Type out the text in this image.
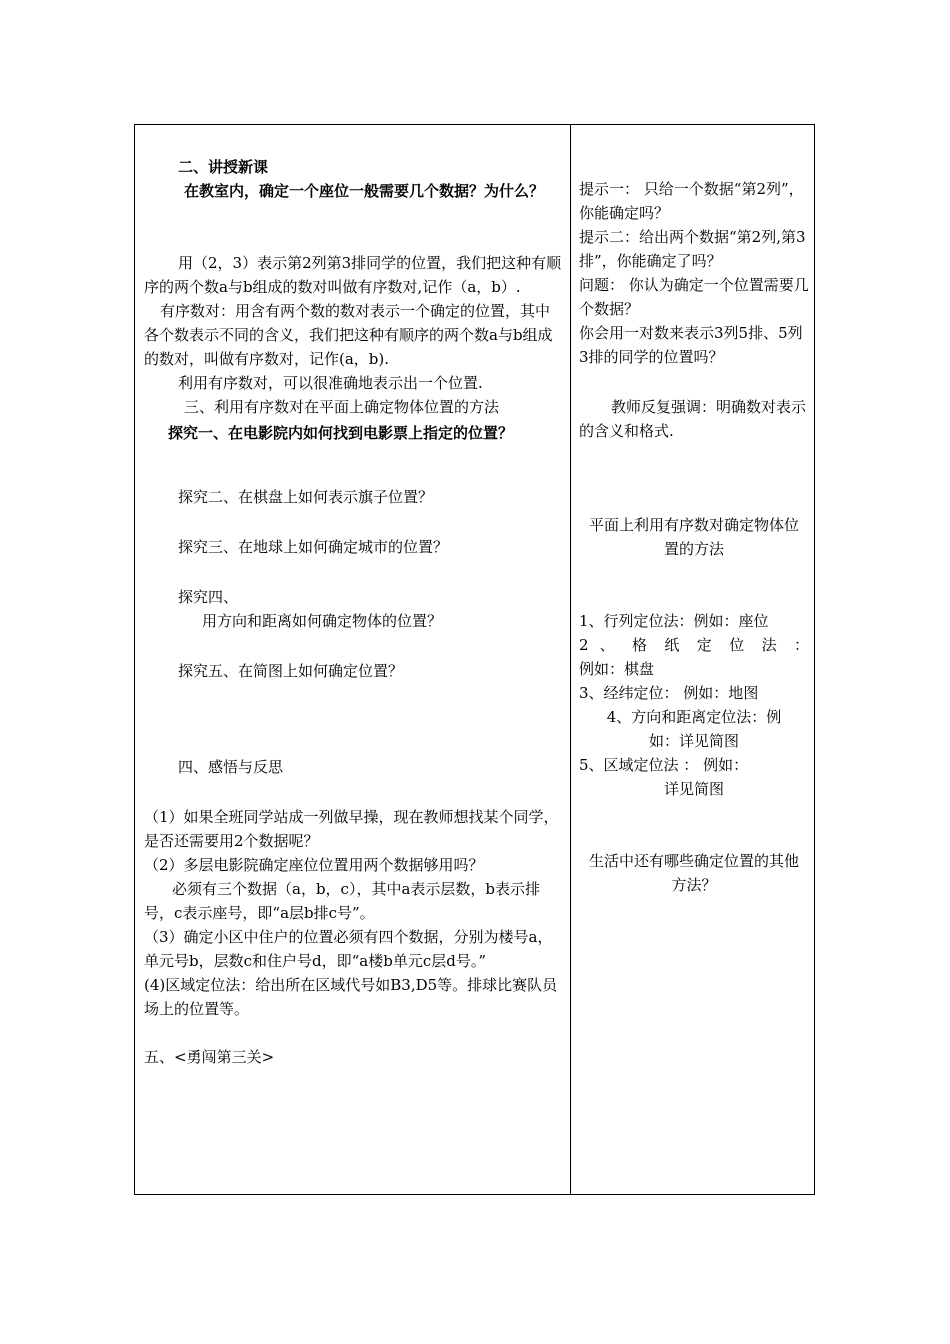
二、讲授新课

在教室内，确定一个座位一般需要几个数据？为什么？

用（2，3）表示第2列第3排同学的位置，我们把这种有顺序的两个数a与b组成的数对叫做有序数对,记作（a，b）.

有序数对：用含有两个数的数对表示一个确定的位置，其中各个数表示不同的含义，我们把这种有顺序的两个数a与b组成的数对，叫做有序数对，记作(a，b).

利用有序数对，可以很准确地表示出一个位置.

三、利用有序数对在平面上确定物体位置的方法

探究一、在电影院内如何找到电影票上指定的位置？

探究二、在棋盘上如何表示旗子位置？

探究三、在地球上如何确定城市的位置？

探究四、

用方向和距离如何确定物体的位置？

探究五、在简图上如何确定位置？

四、感悟与反思

（1）如果全班同学站成一列做早操，现在教师想找某个同学，是否还需要用2个数据呢？

（2）多层电影院确定座位位置用两个数据够用吗？

必须有三个数据（a，b，c），其中a表示层数，b表示排号，c表示座号，即“a层b排c号”。

（3）确定小区中住户的位置必须有四个数据，分别为楼号a，单元号b，层数c和住户号d，即“a楼b单元c层d号。”

(4)区域定位法：给出所在区域代号如B3,D5等。排球比赛队员场上的位置等。

五、<勇闯第三关>

提示一： 只给一个数据“第2列”，你能确定吗？

提示二：给出两个数据“第2列,第3排”，你能确定了吗？

问题： 你认为确定一个位置需要几个数据？

你会用一对数来表示3列5排、5列3排的同学的位置吗？

教师反复强调：明确数对表示的含义和格式.

平面上利用有序数对确定物体位置的方法

1、行列定位法：例如：座位

2 、 格 纸 定 位 法 ：

例如：棋盘

3、经纬定位： 例如：地图

4、方向和距离定位法：例

如：详见简图

5、区域定位法 ： 例如：

详见简图

生活中还有哪些确定位置的其他方法？
